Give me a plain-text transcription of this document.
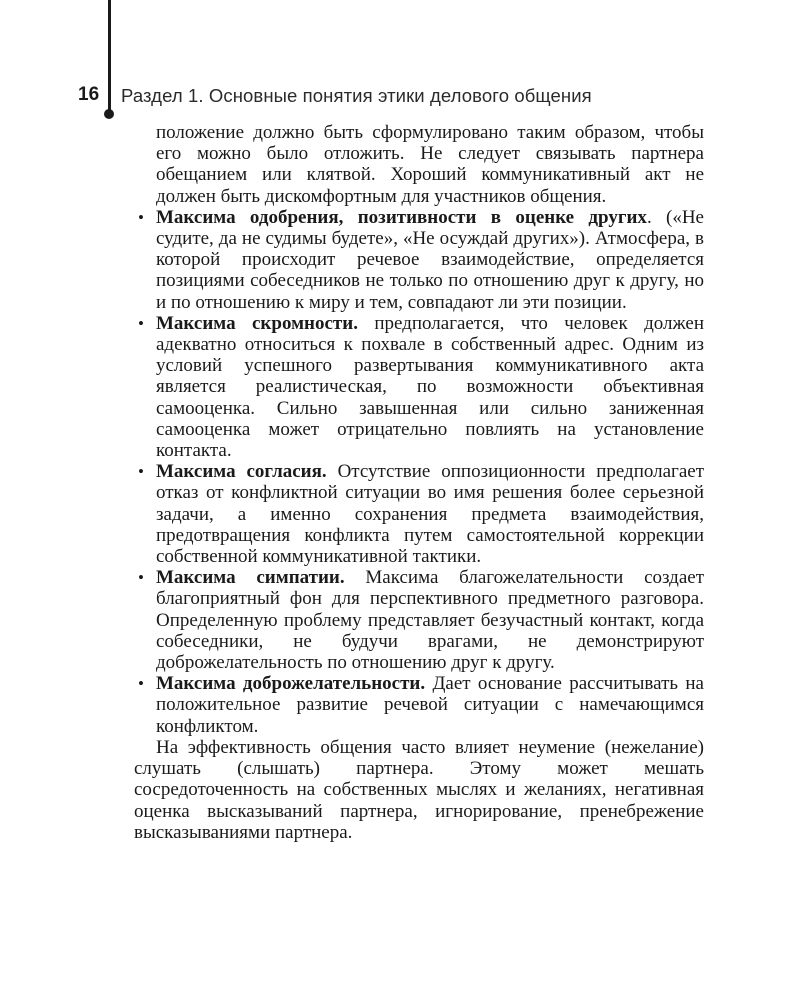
16 Раздел 1. Основные понятия этики делового общения

положение должно быть сформулировано таким образом, чтобы его можно было отложить. Не следует связывать партнера обещанием или клятвой. Хороший коммуникативный акт не должен быть дискомфортным для участников общения.

• Максима одобрения, позитивности в оценке других. («Не судите, да не судимы будете», «Не осуждай других»). Атмосфера, в которой происходит речевое взаимодействие, определяется позициями собеседников не только по отношению друг к другу, но и по отношению к миру и тем, совпадают ли эти позиции.
• Максима скромности. предполагается, что человек должен адекватно относиться к похвале в собственный адрес. Одним из условий успешного развертывания коммуникативного акта является реалистическая, по возможности объективная самооценка. Сильно завышенная или сильно заниженная самооценка может отрицательно повлиять на установление контакта.
• Максима согласия. Отсутствие оппозиционности предполагает отказ от конфликтной ситуации во имя решения более серьезной задачи, а именно сохранения предмета взаимодействия, предотвращения конфликта путем самостоятельной коррекции собственной коммуникативной тактики.
• Максима симпатии. Максима благожелательности создает благоприятный фон для перспективного предметного разговора. Определенную проблему представляет безучастный контакт, когда собеседники, не будучи врагами, не демонстрируют доброжелательность по отношению друг к другу.
• Максима доброжелательности. Дает основание рассчитывать на положительное развитие речевой ситуации с намечающимся конфликтом.

На эффективность общения часто влияет неумение (нежелание) слушать (слышать) партнера. Этому может мешать сосредоточенность на собственных мыслях и желаниях, негативная оценка высказываний партнера, игнорирование, пренебрежение высказываниями партнера.
